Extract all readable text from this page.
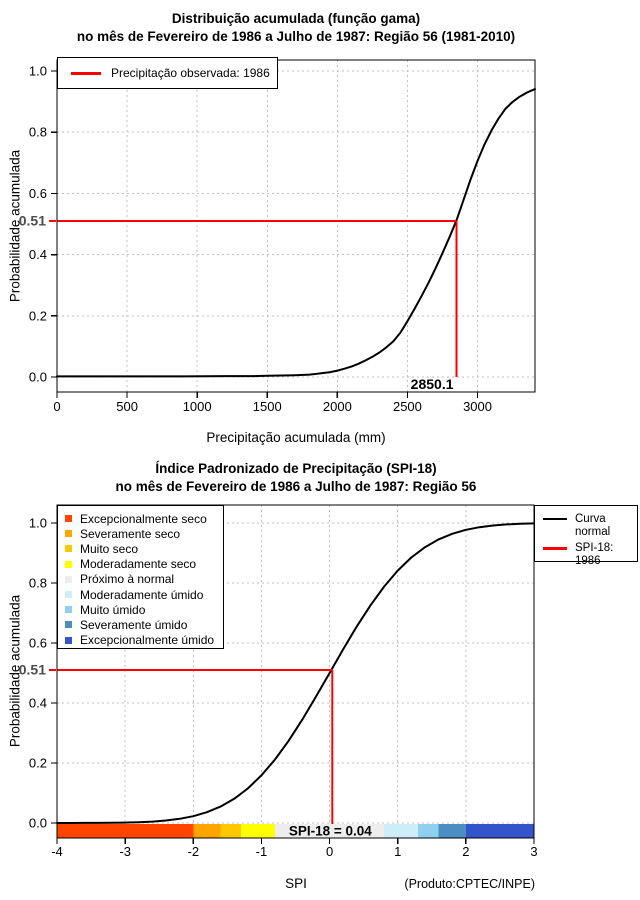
0.51
0	500	1000	1500	2000	2500	3000
0.0
0.2
0.4
0.6
0.8
1.0
2850.1
0.51
-4	-3	-2	-1	0	1	2	3
0.0
0.2
0.4
0.6
0.8
1.0
SPI-18 = 0.04
Distribuição acumulada (função gama)
no mês de Fevereiro de 1986 a Julho de 1987: Região 56 (1981-2010)
Probabilidade acumulada
Precipitação acumulada (mm)
Precipitação observada: 1986
Índice Padronizado de Precipitação (SPI-18)
no mês de Fevereiro de 1986 a Julho de 1987: Região 56
Probabilidade acumulada
SPI	(Produto:CPTEC/INPE)
Excepcionalmente seco
Severamente seco
Muito seco
Moderadamente seco
Próximo à normal
Moderadamente úmido
Muito úmido
Severamente úmido
Excepcionalmente úmido
Curva normal
SPI-18: 1986
